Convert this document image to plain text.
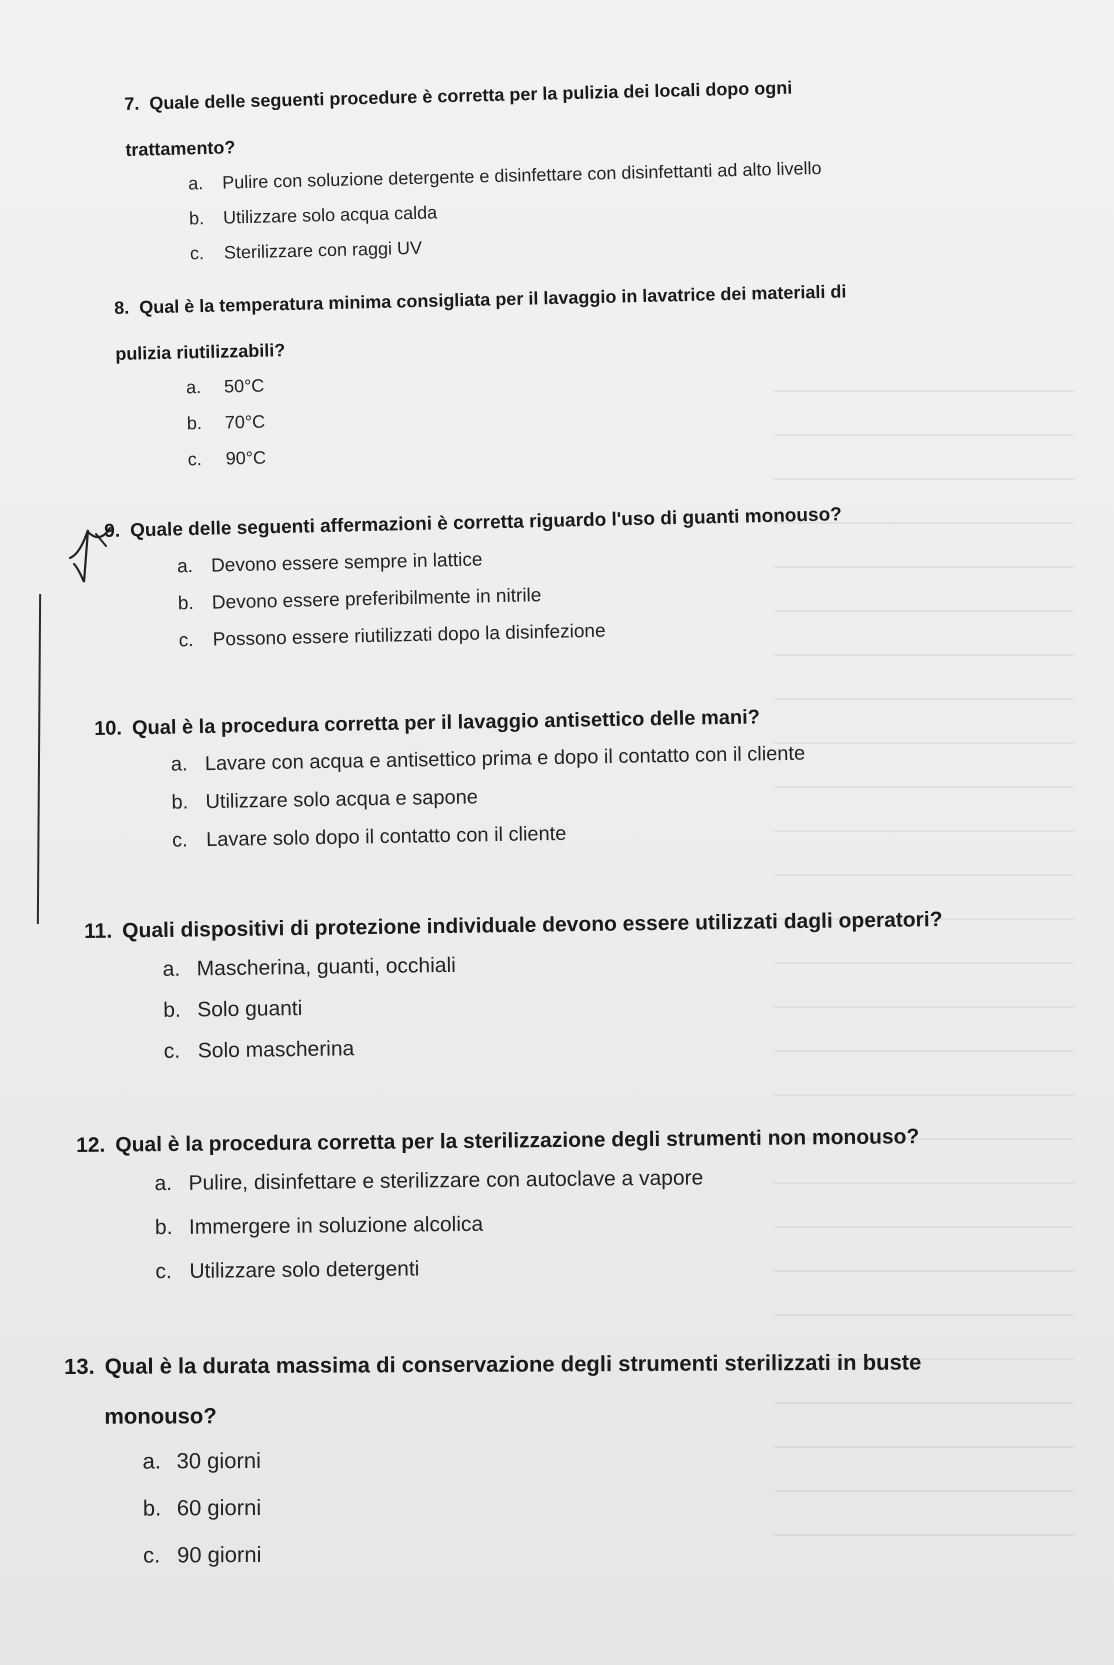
7. Quale delle seguenti procedure è corretta per la pulizia dei locali dopo ogni
trattamento?
a. Pulire con soluzione detergente e disinfettare con disinfettanti ad alto livello
b. Utilizzare solo acqua calda
c. Sterilizzare con raggi UV
8. Qual è la temperatura minima consigliata per il lavaggio in lavatrice dei materiali di
pulizia riutilizzabili?
a. 50°C
b. 70°C
c. 90°C
9. Quale delle seguenti affermazioni è corretta riguardo l'uso di guanti monouso?
a. Devono essere sempre in lattice
b. Devono essere preferibilmente in nitrile
c. Possono essere riutilizzati dopo la disinfezione
10. Qual è la procedura corretta per il lavaggio antisettico delle mani?
a. Lavare con acqua e antisettico prima e dopo il contatto con il cliente
b. Utilizzare solo acqua e sapone
c. Lavare solo dopo il contatto con il cliente
11. Quali dispositivi di protezione individuale devono essere utilizzati dagli operatori?
a. Mascherina, guanti, occhiali
b. Solo guanti
c. Solo mascherina
12. Qual è la procedura corretta per la sterilizzazione degli strumenti non monouso?
a. Pulire, disinfettare e sterilizzare con autoclave a vapore
b. Immergere in soluzione alcolica
c. Utilizzare solo detergenti
13. Qual è la durata massima di conservazione degli strumenti sterilizzati in buste
monouso?
a. 30 giorni
b. 60 giorni
c. 90 giorni
